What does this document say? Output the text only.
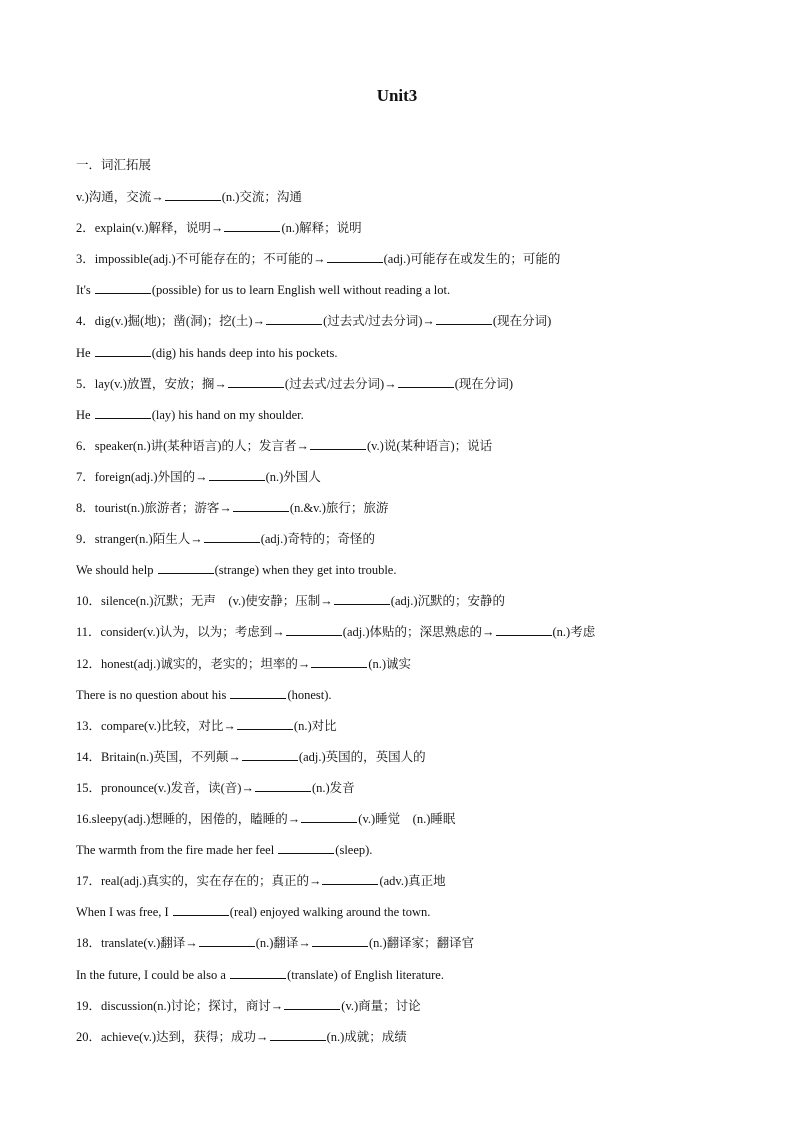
Unit3
一．词汇拓展
v.)沟通，交流→	(n.)交流；沟通
2．explain(v.)解释，说明→	(n.)解释；说明
3．impossible(adj.)不可能存在的；不可能的→	(adj.)可能存在或发生的；可能的
It's	(possible) for us to learn English well without reading a lot.
4．dig(v.)掘(地)；凿(洞)；挖(土)→	(过去式/过去分词)→	(现在分词)
He	(dig) his hands deep into his pockets.
5．lay(v.)放置，安放；搁→	(过去式/过去分词)→	(现在分词)
He	(lay) his hand on my shoulder.
6．speaker(n.)讲(某种语言)的人；发言者→	(v.)说(某种语言)；说话
7．foreign(adj.)外国的→	(n.)外国人
8．tourist(n.)旅游者；游客→	(n.&v.)旅行；旅游
9．stranger(n.)陌生人→	(adj.)奇特的；奇怪的
We should help	(strange) when they get into trouble.
10．silence(n.)沉默；无声　(v.)使安静；压制→	(adj.)沉默的；安静的
11．consider(v.)认为，以为；考虑到→	(adj.)体贴的；深思熟虑的→	(n.)考虑
12．honest(adj.)诚实的，老实的；坦率的→	(n.)诚实
There is no question about his	(honest).
13．compare(v.)比较，对比→	(n.)对比
14．Britain(n.)英国，不列颠→	(adj.)英国的，英国人的
15．pronounce(v.)发音，读(音)→	(n.)发音
16.sleepy(adj.)想睡的，困倦的，瞌睡的→	(v.)睡觉　(n.)睡眠
The warmth from the fire made her feel	(sleep).
17．real(adj.)真实的，实在存在的；真正的→	(adv.)真正地
When I was free, I	(real) enjoyed walking around the town.
18．translate(v.)翻译→	(n.)翻译→	(n.)翻译家；翻译官
In the future, I could be also a	(translate) of English literature.
19．discussion(n.)讨论；探讨，商讨→	(v.)商量；讨论
20．achieve(v.)达到，获得；成功→	(n.)成就；成绩
